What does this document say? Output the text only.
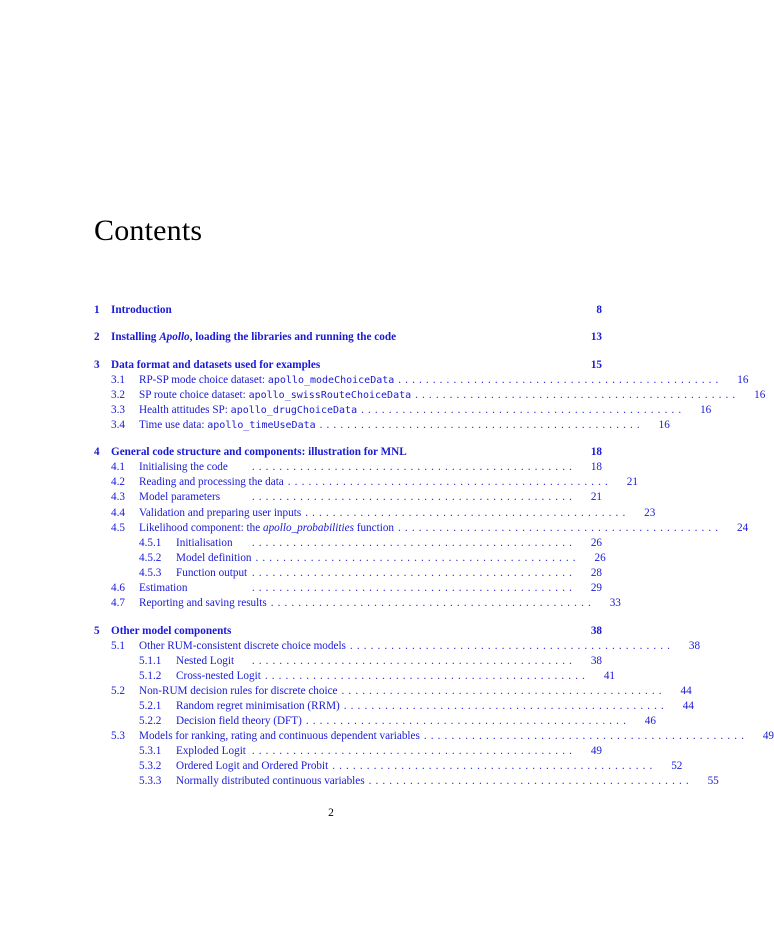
Contents
1	Introduction	8
2	Installing Apollo, loading the libraries and running the code	13
3	Data format and datasets used for examples	15
3.1	RP-SP mode choice dataset: apollo_modeChoiceData ...............................................	16
3.2	SP route choice dataset: apollo_swissRouteChoiceData ...............................................	16
3.3	Health attitudes SP: apollo_drugChoiceData ...............................................	16
3.4	Time use data: apollo_timeUseData ...............................................	16
4	General code structure and components: illustration for MNL	18
4.1	Initialising the code	...............................................	18
4.2	Reading and processing the data ...............................................	21
4.3	Model parameters	...............................................	21
4.4	Validation and preparing user inputs ...............................................	23
4.5	Likelihood component: the apollo_probabilities function ...............................................	24
4.5.1	Initialisation	...............................................	26
4.5.2	Model definition ...............................................	26
4.5.3	Function output ...............................................	28
4.6	Estimation	...............................................	29
4.7	Reporting and saving results ...............................................	33
5	Other model components	38
5.1	Other RUM-consistent discrete choice models ...............................................	38
5.1.1	Nested Logit	...............................................	38
5.1.2	Cross-nested Logit ...............................................	41
5.2	Non-RUM decision rules for discrete choice ...............................................	44
5.2.1	Random regret minimisation (RRM) ...............................................	44
5.2.2	Decision field theory (DFT) ...............................................	46
5.3	Models for ranking, rating and continuous dependent variables ...............................................	49
5.3.1	Exploded Logit ...............................................	49
5.3.2	Ordered Logit and Ordered Probit ...............................................	52
5.3.3	Normally distributed continuous variables ...............................................	55
2
